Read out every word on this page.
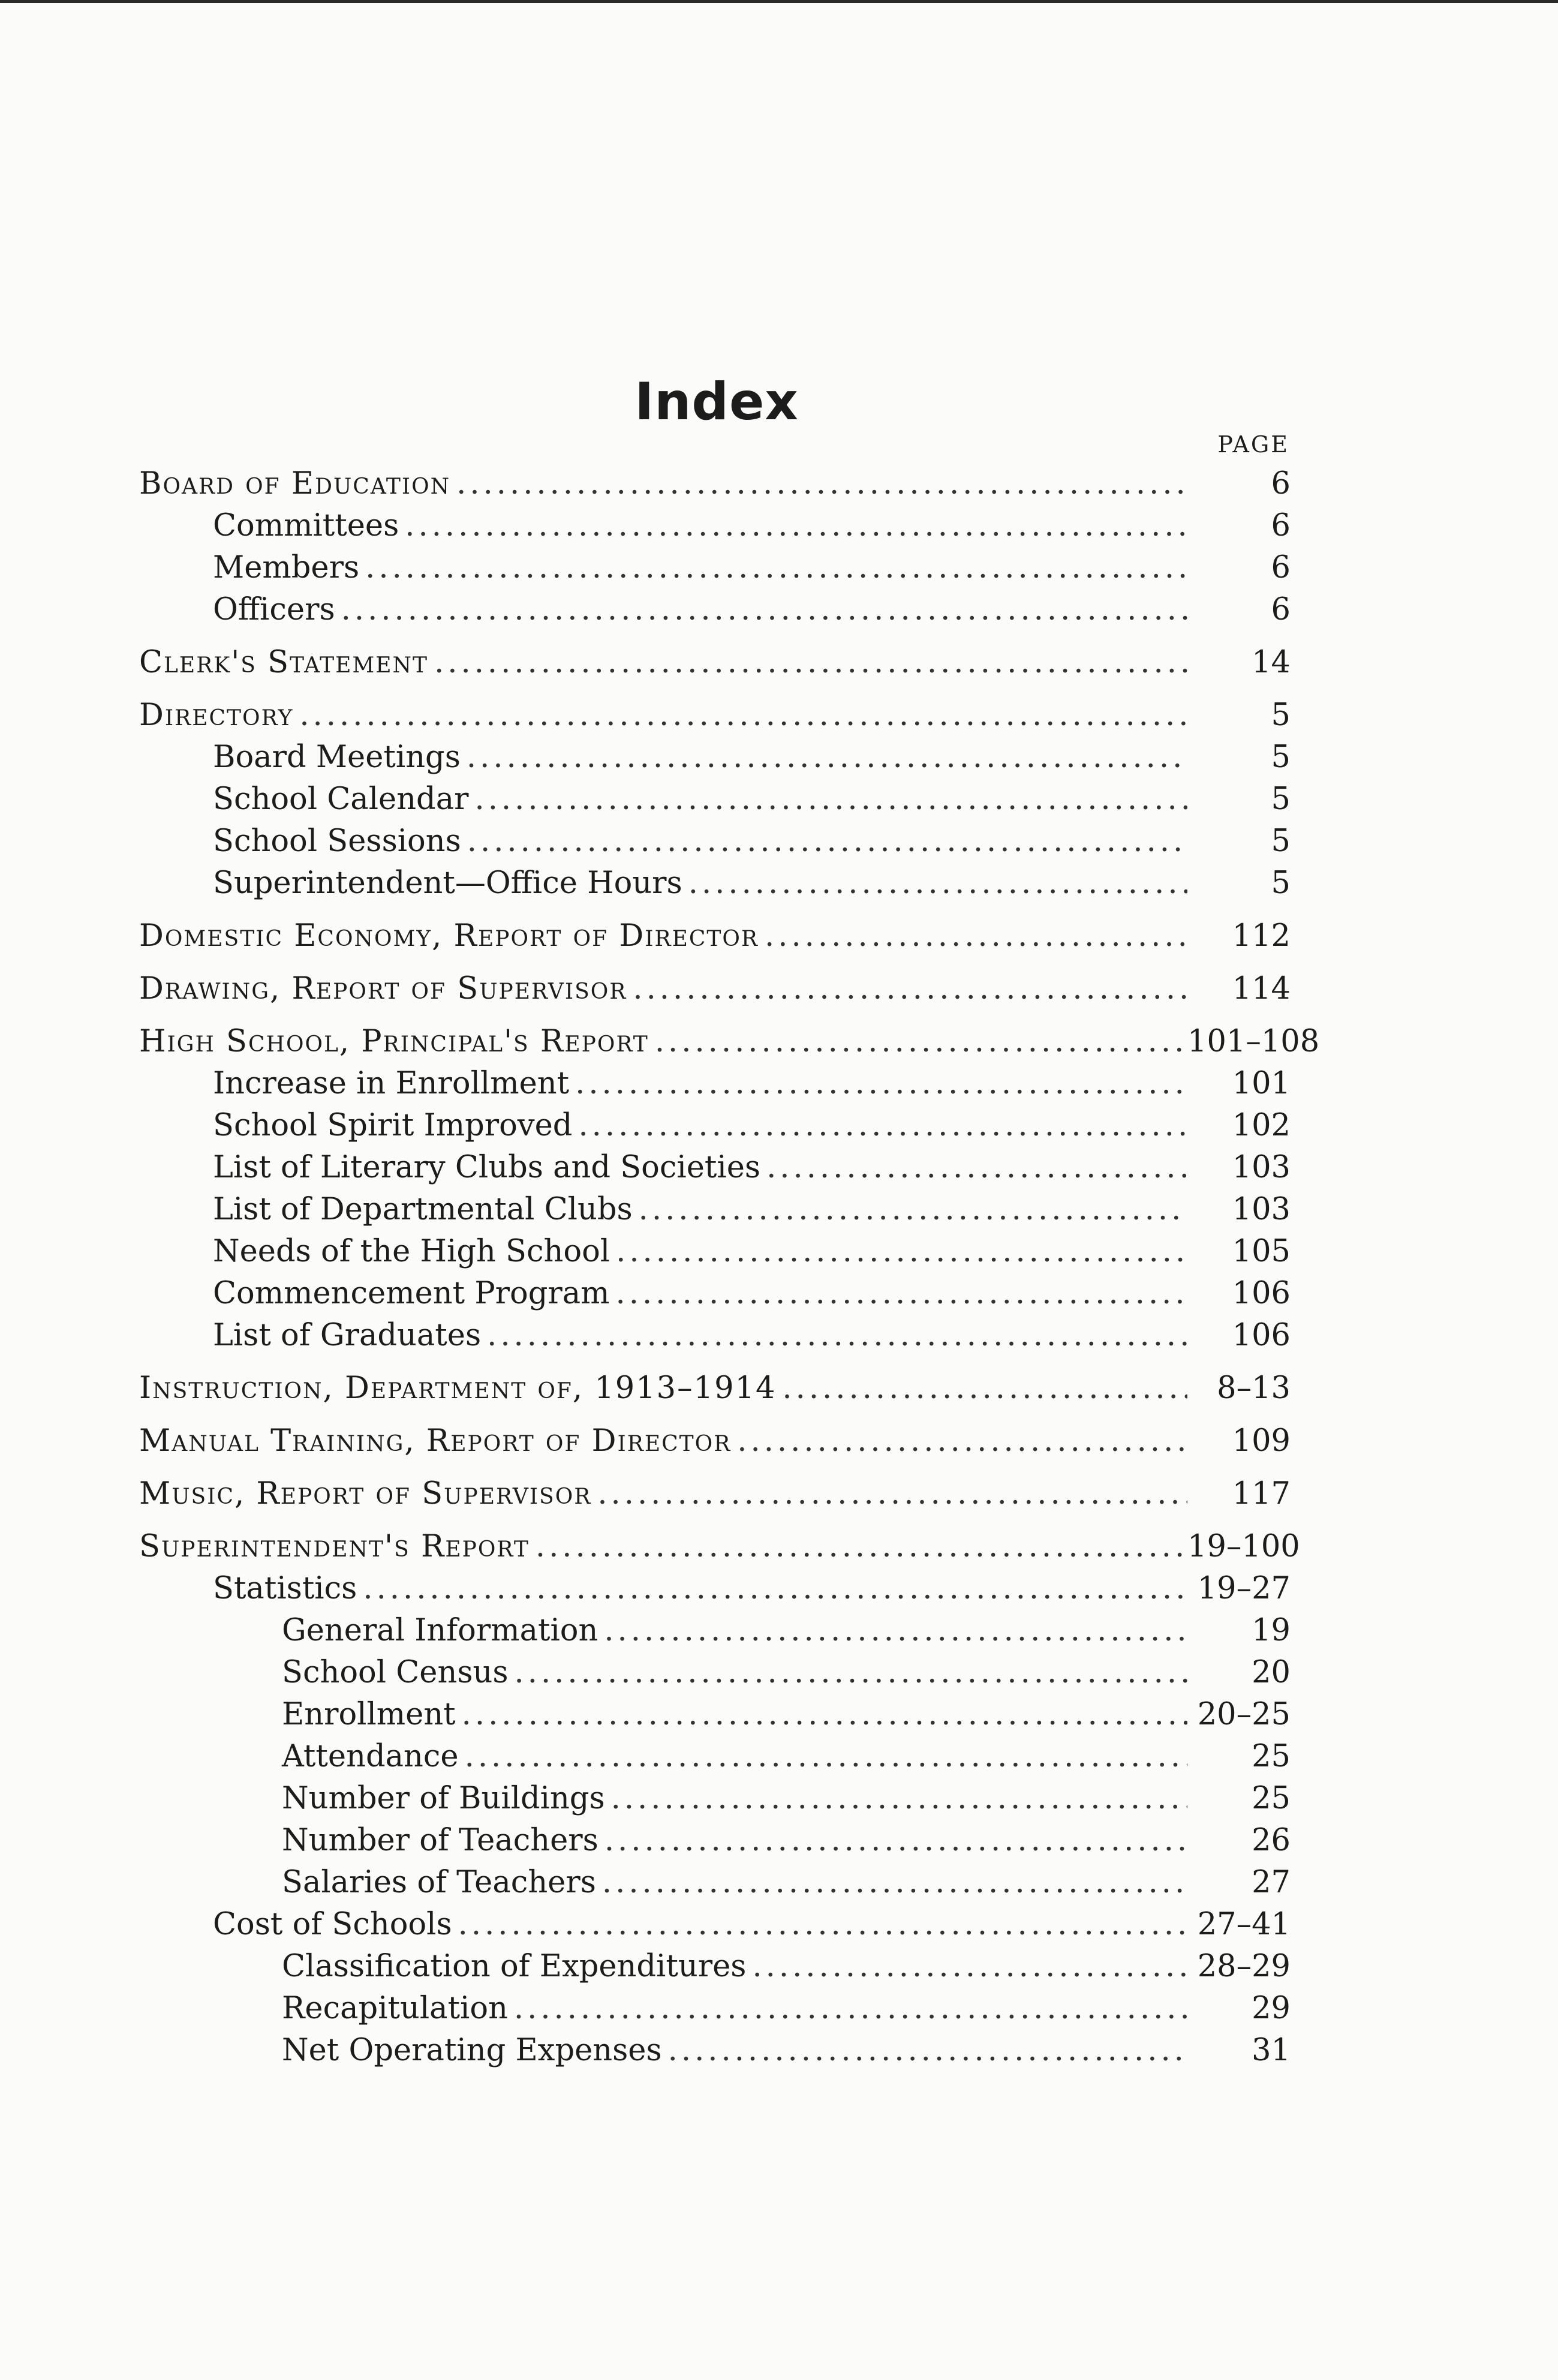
Index
PAGE
Board of Education .....	6
Committees .....	6
Members .....	6
Officers .....	6
Clerk's Statement .....	14
Directory .....	5
Board Meetings .....	5
School Calendar .....	5
School Sessions .....	5
Superintendent—Office Hours .....	5
Domestic Economy, Report of Director .....	112
Drawing, Report of Supervisor .....	114
High School, Principal's Report .....	101–108
Increase in Enrollment .....	101
School Spirit Improved .....	102
List of Literary Clubs and Societies .....	103
List of Departmental Clubs .....	103
Needs of the High School .....	105
Commencement Program .....	106
List of Graduates .....	106
Instruction, Department of, 1913–1914 .....	8–13
Manual Training, Report of Director .....	109
Music, Report of Supervisor .....	117
Superintendent's Report .....	19–100
Statistics .....	19–27
General Information .....	19
School Census .....	20
Enrollment .....	20–25
Attendance .....	25
Number of Buildings .....	25
Number of Teachers .....	26
Salaries of Teachers .....	27
Cost of Schools .....	27–41
Classification of Expenditures .....	28–29
Recapitulation .....	29
Net Operating Expenses .....	31
